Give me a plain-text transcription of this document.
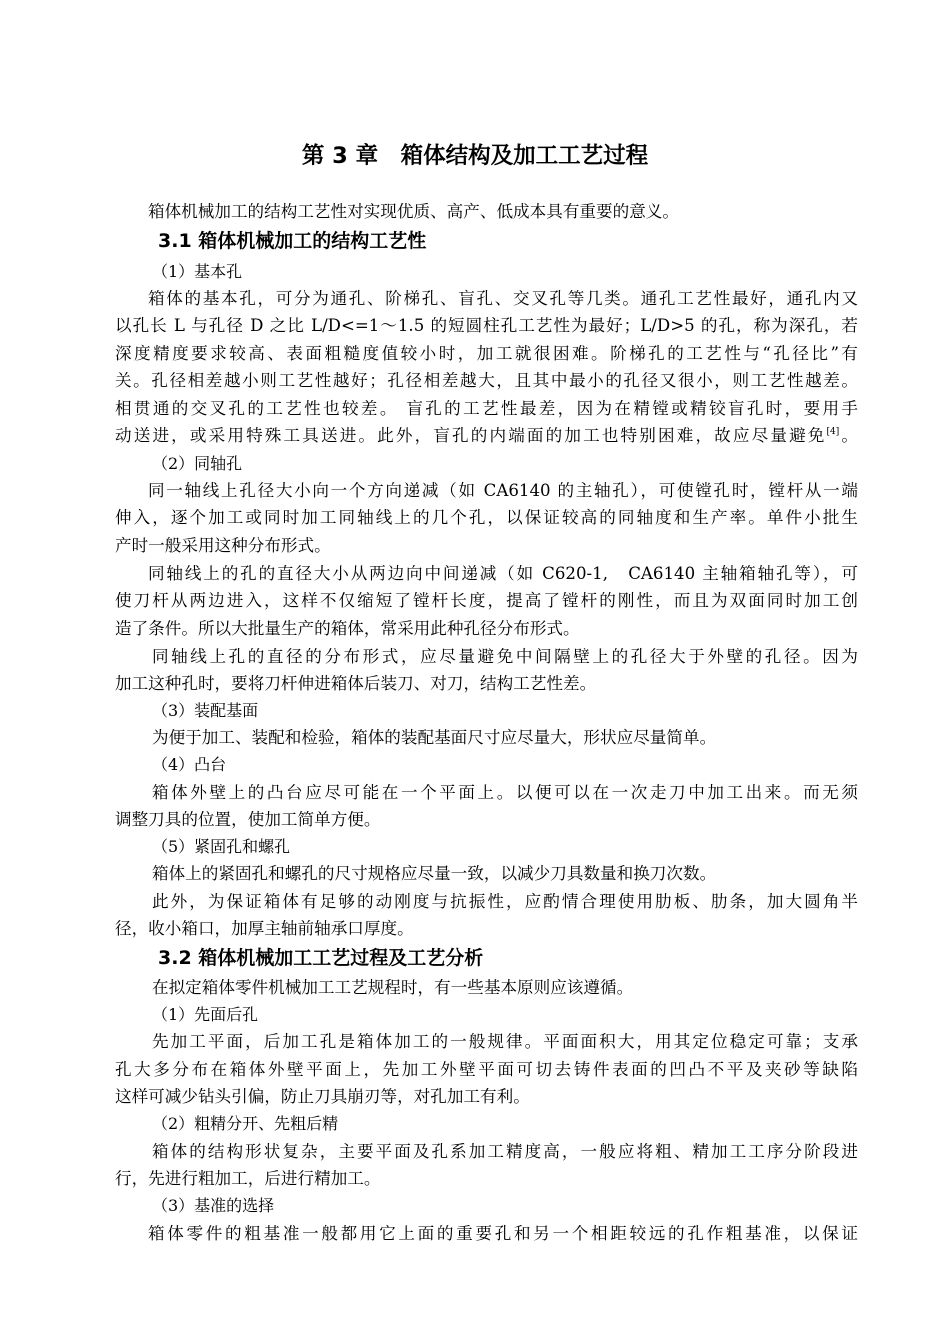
第 3 章　箱体结构及加工工艺过程
箱体机械加工的结构工艺性对实现优质、高产、低成本具有重要的意义。
3.1 箱体机械加工的结构工艺性
（1）基本孔
箱体的基本孔，可分为通孔、阶梯孔、盲孔、交叉孔等几类。通孔工艺性最好，通孔内又
以孔长 L 与孔径 D 之比 L/D<=1～1.5 的短圆柱孔工艺性为最好；L/D>5 的孔，称为深孔，若
深度精度要求较高、表面粗糙度值较小时，加工就很困难。阶梯孔的工艺性与“孔径比”有
关。孔径相差越小则工艺性越好；孔径相差越大，且其中最小的孔径又很小，则工艺性越差。
相贯通的交叉孔的工艺性也较差。 盲孔的工艺性最差，因为在精镗或精铰盲孔时，要用手
动送进，或采用特殊工具送进。此外，盲孔的内端面的加工也特别困难，故应尽量避免[4]。
（2）同轴孔
同一轴线上孔径大小向一个方向递减（如 CA6140 的主轴孔），可使镗孔时，镗杆从一端
伸入，逐个加工或同时加工同轴线上的几个孔，以保证较高的同轴度和生产率。单件小批生
产时一般采用这种分布形式。
同轴线上的孔的直径大小从两边向中间递减（如 C620-1,　CA6140 主轴箱轴孔等），可
使刀杆从两边进入，这样不仅缩短了镗杆长度，提高了镗杆的刚性，而且为双面同时加工创
造了条件。所以大批量生产的箱体，常采用此种孔径分布形式。
同轴线上孔的直径的分布形式，应尽量避免中间隔壁上的孔径大于外壁的孔径。因为
加工这种孔时，要将刀杆伸进箱体后装刀、对刀，结构工艺性差。
（3）装配基面
为便于加工、装配和检验，箱体的装配基面尺寸应尽量大，形状应尽量简单。
（4）凸台
箱体外壁上的凸台应尽可能在一个平面上。以便可以在一次走刀中加工出来。而无须
调整刀具的位置，使加工简单方便。
（5）紧固孔和螺孔
箱体上的紧固孔和螺孔的尺寸规格应尽量一致，以减少刀具数量和换刀次数。
此外，为保证箱体有足够的动刚度与抗振性，应酌情合理使用肋板、肋条，加大圆角半
径，收小箱口，加厚主轴前轴承口厚度。
3.2 箱体机械加工工艺过程及工艺分析
在拟定箱体零件机械加工工艺规程时，有一些基本原则应该遵循。
（1）先面后孔
先加工平面，后加工孔是箱体加工的一般规律。平面面积大，用其定位稳定可靠；支承
孔大多分布在箱体外壁平面上，先加工外壁平面可切去铸件表面的凹凸不平及夹砂等缺陷
这样可减少钻头引偏，防止刀具崩刃等，对孔加工有利。
（2）粗精分开、先粗后精
箱体的结构形状复杂，主要平面及孔系加工精度高，一般应将粗、精加工工序分阶段进
行，先进行粗加工，后进行精加工。
（3）基准的选择
箱体零件的粗基准一般都用它上面的重要孔和另一个相距较远的孔作粗基准，以保证
